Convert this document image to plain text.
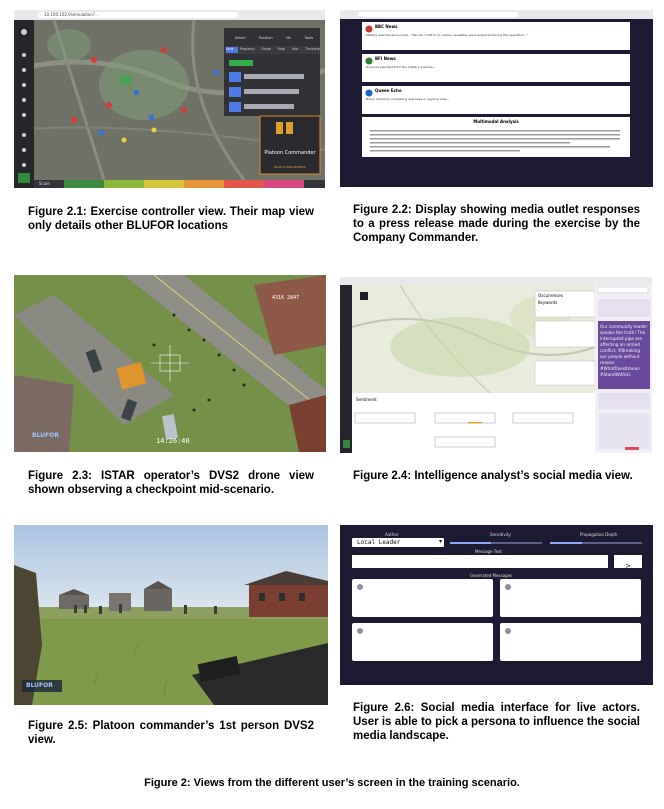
10.100.102.0/simulation?...
Select	Position	Mv	Tools
Unit Property Scale Map Info Timeline
Platoon Commander
BLUE-8 WOLVERINES
Scale
Figure 2.1: Exercise controller view. Their map view only details other BLUFOR locations
BBC News
Military exercise announced..."We can confirm no civilian casualties were sustained during this operation..."
BFI News
Rumours reported from the military exercise...
Queen Echo
Bravo company completing exercises in regional area...
Multimodal Analysis
Figure 2.2: Display showing media outlet responses to a press release made during the exercise by the Company Commander.
4316 2847
14:26:40
BLUFOR
Figure 2.3: ISTAR operator’s DVS2 drone view shown observing a checkpoint mid-scenario.
Occurrences
Keywords
Sentiment
Our community leader speaks the truth! The interrupted pipe are affecting an armed conflict. #Breaking our people without reason. #WhatDoesItmean #StandWithUs
Figure 2.4: Intelligence analyst’s social media view.
BLUFOR
Figure 2.5: Platoon commander’s 1st person DVS2 view.
Author
Local Leader	▾
Sensitivity	Propagation Depth
Message Text
>
Generated Messages
Figure 2.6: Social media interface for live actors. User is able to pick a persona to influence the social media landscape.
Figure 2: Views from the different user’s screen in the training scenario.
